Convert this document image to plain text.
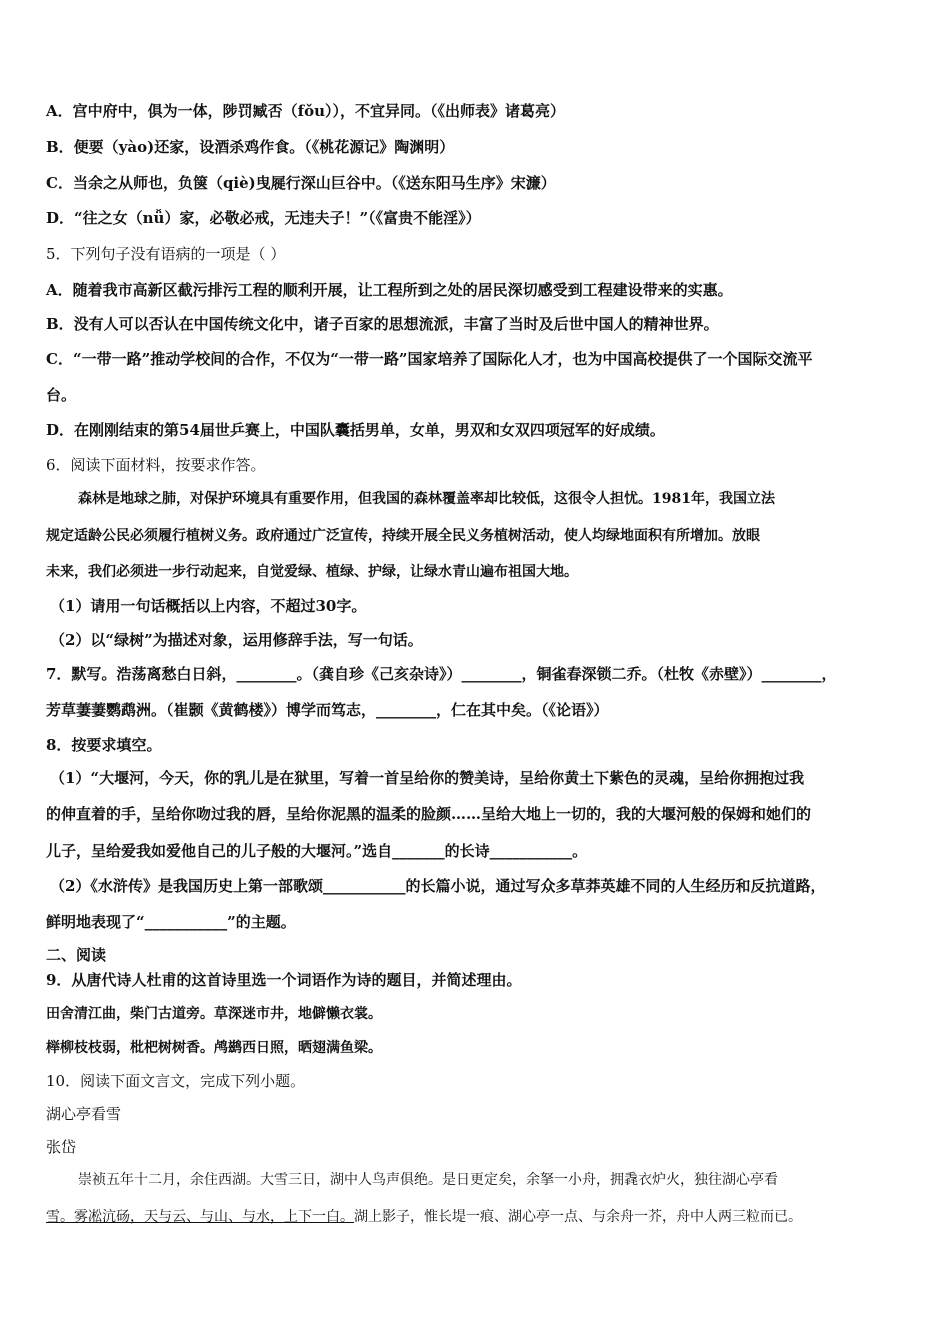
A．宫中府中，俱为一体，陟罚臧否（fǒu）），不宜异同。（《出师表》诸葛亮）
B．便要（yào)还家，设酒杀鸡作食。（《桃花源记》陶渊明）
C．当余之从师也，负箧（qiè)曳屣行深山巨谷中。（《送东阳马生序》宋濂）
D．“往之女（nǚ）家，必敬必戒，无违夫子！”（《富贵不能淫》）
5．下列句子没有语病的一项是（ ）
A．随着我市高新区截污排污工程的顺利开展，让工程所到之处的居民深切感受到工程建设带来的实惠。
B．没有人可以否认在中国传统文化中，诸子百家的思想流派，丰富了当时及后世中国人的精神世界。
C．“一带一路”推动学校间的合作，不仅为“一带一路”国家培养了国际化人才，也为中国高校提供了一个国际交流平
台。
D．在刚刚结束的第54届世乒赛上，中国队囊括男单，女单，男双和女双四项冠军的好成绩。
6．阅读下面材料，按要求作答。
森林是地球之肺，对保护环境具有重要作用，但我国的森林覆盖率却比较低，这很令人担忧。1981年，我国立法
规定适龄公民必须履行植树义务。政府通过广泛宣传，持续开展全民义务植树活动，使人均绿地面积有所增加。放眼
未来，我们必须进一步行动起来，自觉爱绿、植绿、护绿，让绿水青山遍布祖国大地。
（1）请用一句话概括以上内容，不超过30字。
（2）以“绿树”为描述对象，运用修辞手法，写一句话。
7．默写。浩荡离愁白日斜，________。（龚自珍《己亥杂诗》）________，铜雀春深锁二乔。（杜牧《赤壁》）________，
芳草萋萋鹦鹉洲。（崔颢《黄鹤楼》）博学而笃志，________，仁在其中矣。（《论语》）
8．按要求填空。
（1）“大堰河，今天，你的乳儿是在狱里，写着一首呈给你的赞美诗，呈给你黄土下紫色的灵魂，呈给你拥抱过我
的伸直着的手，呈给你吻过我的唇，呈给你泥黑的温柔的脸颜……呈给大地上一切的，我的大堰河般的保姆和她们的
儿子，呈给爱我如爱他自己的儿子般的大堰河。”选自_______的长诗___________。
（2）《水浒传》是我国历史上第一部歌颂___________的长篇小说，通过写众多草莽英雄不同的人生经历和反抗道路，
鲜明地表现了“___________”的主题。
二、阅读
9．从唐代诗人杜甫的这首诗里选一个词语作为诗的题目，并简述理由。
田舍清江曲，柴门古道旁。草深迷市井，地僻懒衣裳。
榉柳枝枝弱，枇杷树树香。鸬鹚西日照，晒翅满鱼梁。
10．阅读下面文言文，完成下列小题。
湖心亭看雪
张岱
崇祯五年十二月，余住西湖。大雪三日，湖中人鸟声俱绝。是日更定矣，余拏一小舟，拥毳衣炉火，独往湖心亭看
雪。雾凇沆砀，天与云、与山、与水，上下一白。湖上影子，惟长堤一痕、湖心亭一点、与余舟一芥，舟中人两三粒而已。
